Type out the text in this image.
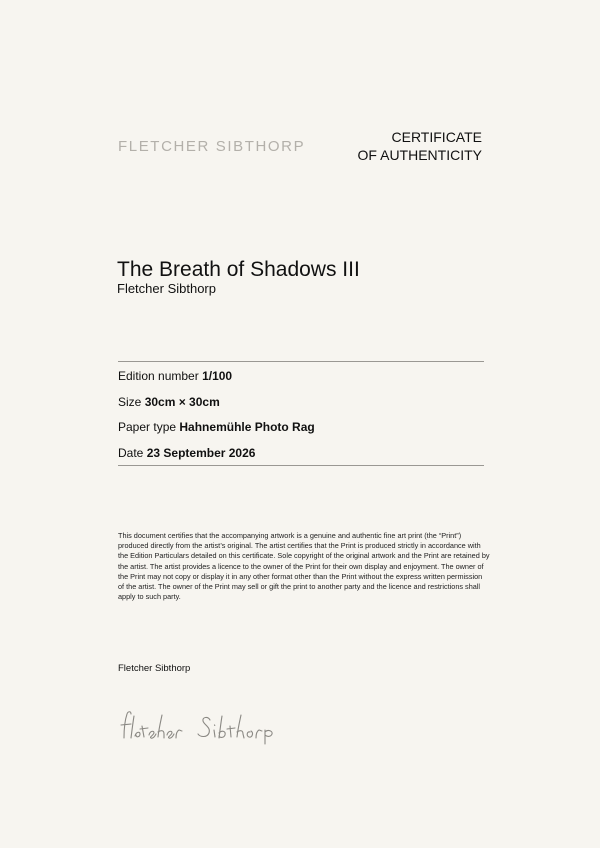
FLETCHER SIBTHORP
CERTIFICATE
OF AUTHENTICITY
The Breath of Shadows III
Fletcher Sibthorp
Edition number 1/100
Size 30cm × 30cm
Paper type Hahnemühle Photo Rag
Date 23 September 2026
This document certifies that the accompanying artwork is a genuine and authentic fine art print (the “Print”) produced directly from the artist’s original. The artist certifies that the Print is produced strictly in accordance with the Edition Particulars detailed on this certificate. Sole copyright of the original artwork and the Print are retained by the artist. The artist provides a licence to the owner of the Print for their own display and enjoyment. The owner of the Print may not copy or display it in any other format other than the Print without the express written permission of the artist. The owner of the Print may sell or gift the print to another party and the licence and restrictions shall apply to such party.
Fletcher Sibthorp
